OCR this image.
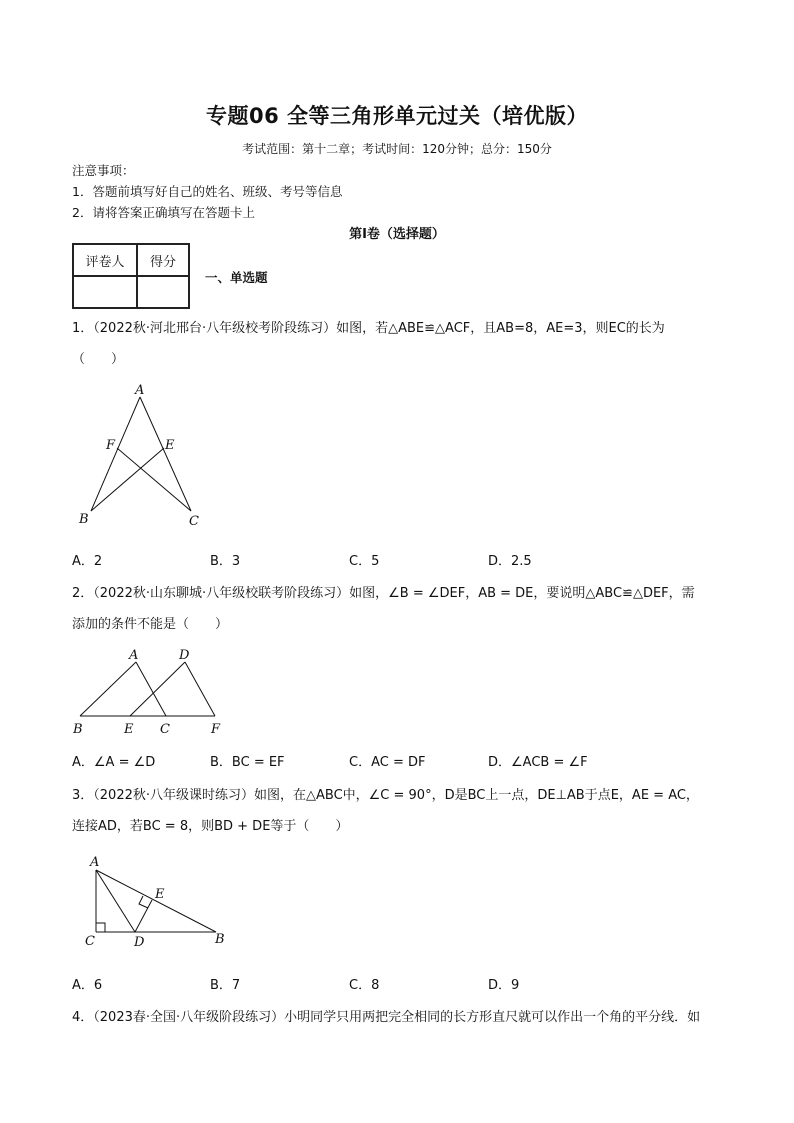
专题06 全等三角形单元过关（培优版）
考试范围：第十二章；考试时间：120分钟；总分：150分
注意事项：
1．答题前填写好自己的姓名、班级、考号等信息
2．请将答案正确填写在答题卡上
第I卷（选择题）
评卷人	得分

一、单选题
1．（2022秋·河北邢台·八年级校考阶段练习）如图，若△ABE≌△ACF，且AB=8，AE=3，则EC的长为
（　　）
A
F	E
B	C
A．2	B．3	C．5	D．2.5
2．（2022秋·山东聊城·八年级校联考阶段练习）如图，∠B = ∠DEF，AB = DE，要说明△ABC≌△DEF，需
添加的条件不能是（　　）
A	D
B	E C	F
A．∠A = ∠D	B．BC = EF	C．AC = DF	D．∠ACB = ∠F
3．（2022秋·八年级课时练习）如图，在△ABC中，∠C = 90°，D是BC上一点，DE⊥AB于点E，AE = AC，
连接AD，若BC = 8，则BD + DE等于（　　）
A
E
C	D	B
A．6	B．7	C．8	D．9
4．（2023春·全国·八年级阶段练习）小明同学只用两把完全相同的长方形直尺就可以作出一个角的平分线．如
